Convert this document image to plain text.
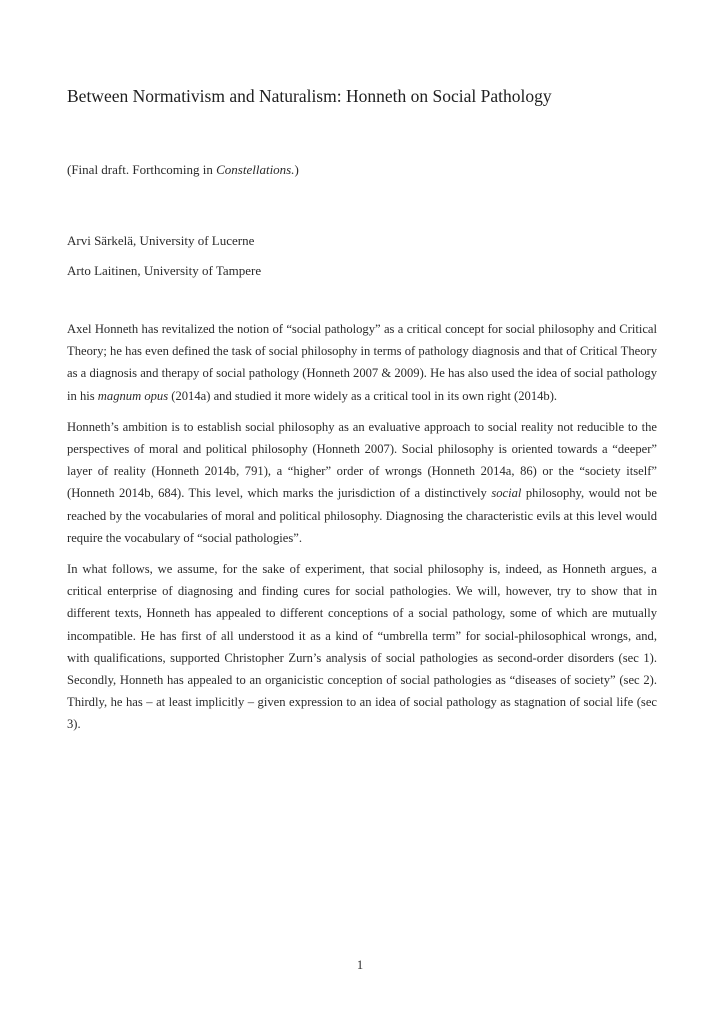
Between Normativism and Naturalism: Honneth on Social Pathology

(Final draft. Forthcoming in Constellations.)

Arvi Särkelä, University of Lucerne

Arto Laitinen, University of Tampere

Axel Honneth has revitalized the notion of “social pathology” as a critical concept for social philosophy and Critical Theory; he has even defined the task of social philosophy in terms of pathology diagnosis and that of Critical Theory as a diagnosis and therapy of social pathology (Honneth 2007 & 2009). He has also used the idea of social pathology in his magnum opus (2014a) and studied it more widely as a critical tool in its own right (2014b).

Honneth’s ambition is to establish social philosophy as an evaluative approach to social reality not reducible to the perspectives of moral and political philosophy (Honneth 2007). Social philosophy is oriented towards a “deeper” layer of reality (Honneth 2014b, 791), a “higher” order of wrongs (Honneth 2014a, 86) or the “society itself” (Honneth 2014b, 684). This level, which marks the jurisdiction of a distinctively social philosophy, would not be reached by the vocabularies of moral and political philosophy. Diagnosing the characteristic evils at this level would require the vocabulary of “social pathologies”.

In what follows, we assume, for the sake of experiment, that social philosophy is, indeed, as Honneth argues, a critical enterprise of diagnosing and finding cures for social pathologies. We will, however, try to show that in different texts, Honneth has appealed to different conceptions of a social pathology, some of which are mutually incompatible. He has first of all understood it as a kind of “umbrella term” for social-philosophical wrongs, and, with qualifications, supported Christopher Zurn’s analysis of social pathologies as second-order disorders (sec 1). Secondly, Honneth has appealed to an organicistic conception of social pathologies as “diseases of society” (sec 2). Thirdly, he has – at least implicitly – given expression to an idea of social pathology as stagnation of social life (sec 3).

1
